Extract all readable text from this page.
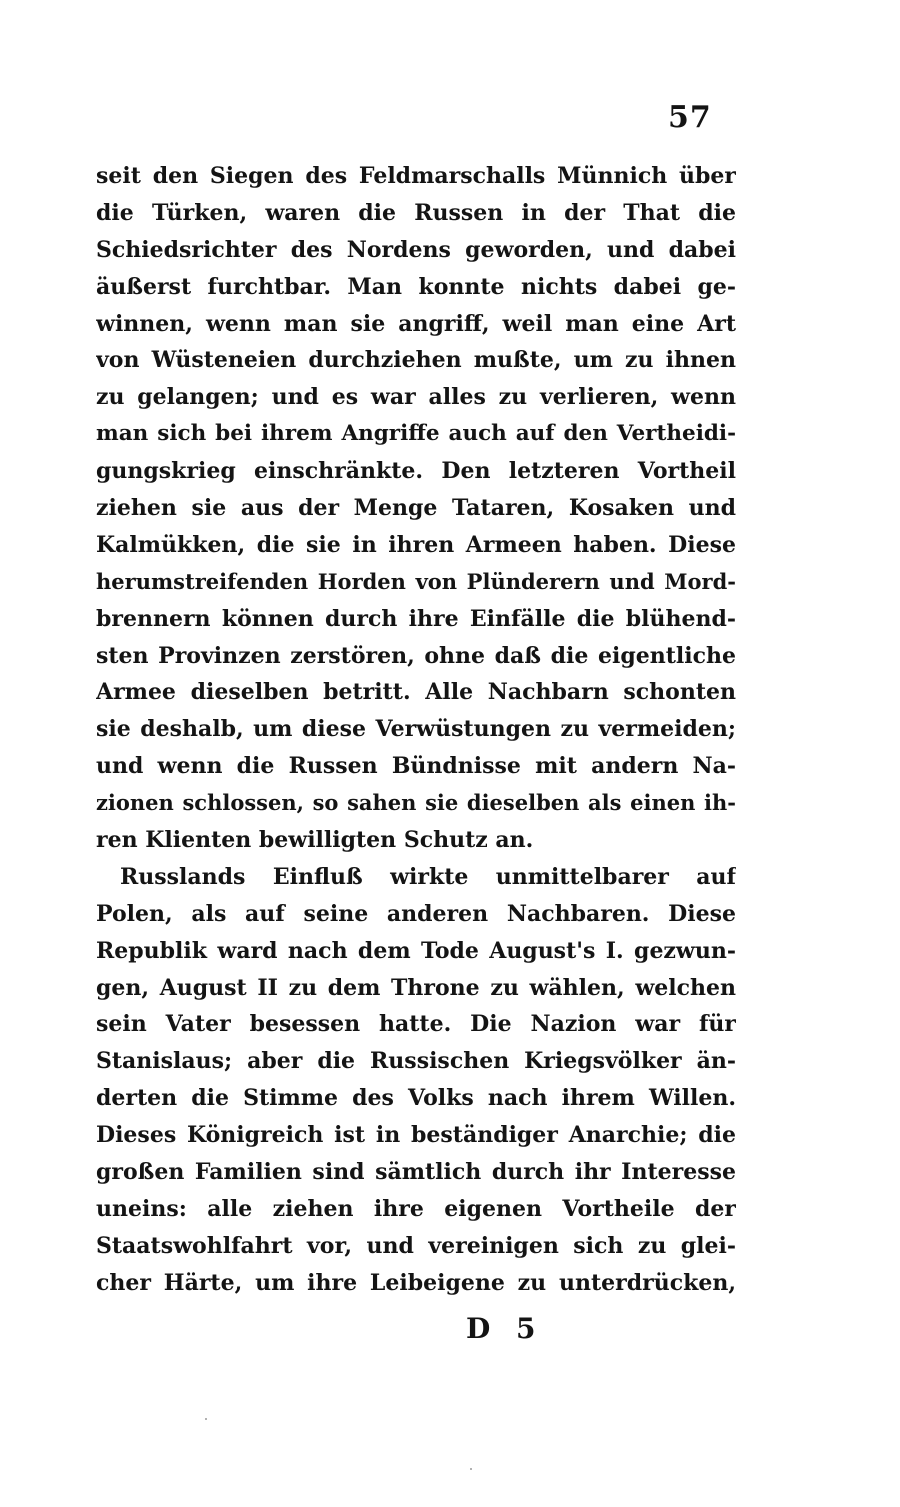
57
seit den Siegen des Feldmarschalls Münnich über
die Türken, waren die Russen in der That die
Schiedsrichter des Nordens geworden, und dabei
äußerst furchtbar. Man konnte nichts dabei ge-
winnen, wenn man sie angriff, weil man eine Art
von Wüsteneien durchziehen mußte, um zu ihnen
zu gelangen; und es war alles zu verlieren, wenn
man sich bei ihrem Angriffe auch auf den Vertheidi-
gungskrieg einschränkte. Den letzteren Vortheil
ziehen sie aus der Menge Tataren, Kosaken und
Kalmükken, die sie in ihren Armeen haben. Diese
herumstreifenden Horden von Plünderern und Mord-
brennern können durch ihre Einfälle die blühend-
sten Provinzen zerstören, ohne daß die eigentliche
Armee dieselben betritt. Alle Nachbarn schonten
sie deshalb, um diese Verwüstungen zu vermeiden;
und wenn die Russen Bündnisse mit andern Na-
zionen schlossen, so sahen sie dieselben als einen ih-
ren Klienten bewilligten Schutz an.
Russlands Einfluß wirkte unmittelbarer auf
Polen, als auf seine anderen Nachbaren. Diese
Republik ward nach dem Tode August's I. gezwun-
gen, August II zu dem Throne zu wählen, welchen
sein Vater besessen hatte. Die Nazion war für
Stanislaus; aber die Russischen Kriegsvölker än-
derten die Stimme des Volks nach ihrem Willen.
Dieses Königreich ist in beständiger Anarchie; die
großen Familien sind sämtlich durch ihr Interesse
uneins: alle ziehen ihre eigenen Vortheile der
Staatswohlfahrt vor, und vereinigen sich zu glei-
cher Härte, um ihre Leibeigene zu unterdrücken,
D 5
